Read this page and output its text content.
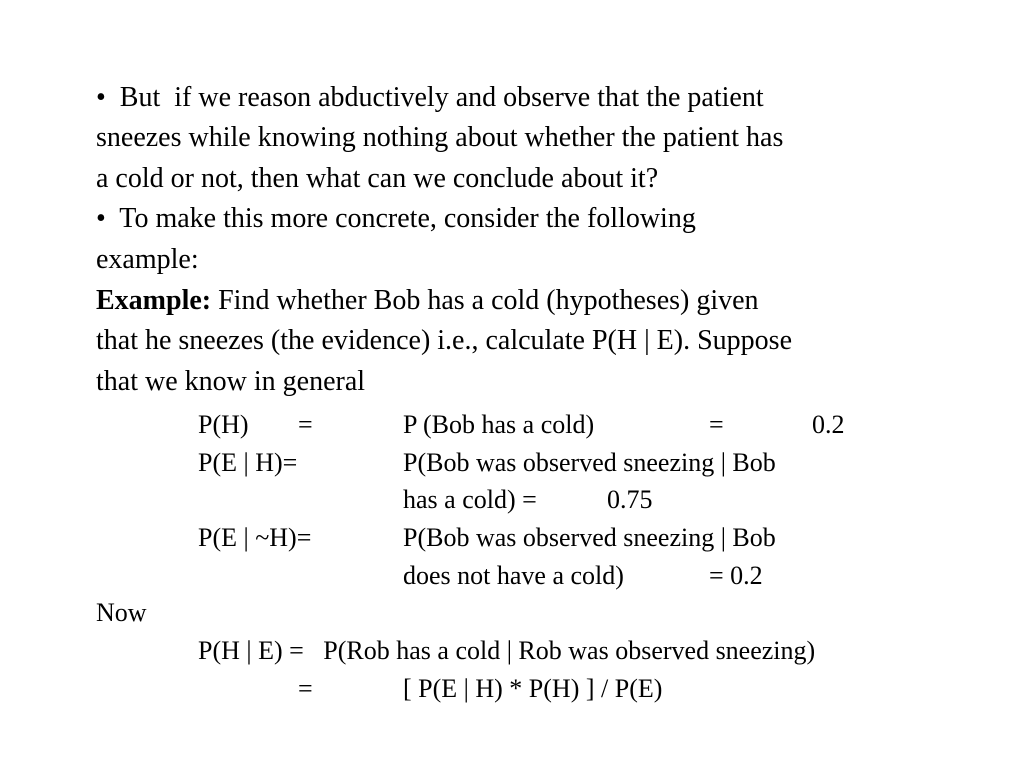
•  But  if we reason abductively and observe that the patient
sneezes while knowing nothing about whether the patient has
a cold or not, then what can we conclude about it?
•  To make this more concrete, consider the following
example:
Example: Find whether Bob has a cold (hypotheses) given
that he sneezes (the evidence) i.e., calculate P(H | E). Suppose
that we know in general
P(H) =	P (Bob has a cold)	=	0.2
P(E | H)=	P(Bob was observed sneezing | Bob
has a cold) =	0.75
P(E | ~H)=	P(Bob was observed sneezing | Bob
does not have a cold)	= 0.2
Now
P(H | E) =   P(Rob has a cold | Rob was observed sneezing)
=	[ P(E | H) * P(H) ] / P(E)
